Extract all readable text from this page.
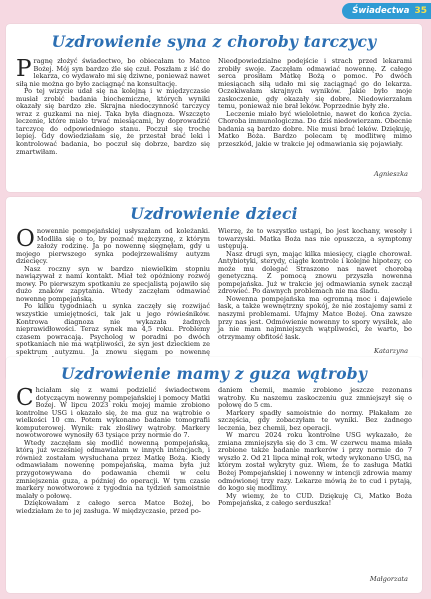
Świadectwa 35
Uzdrowienie syna z choroby tarczycy

Pragnę złożyć świadectwo, bo obiecałam to Matce Bożej. Mój syn bardzo źle się czuł. Poszłam z iść do lekarza, co wydawało mi się dziwne, ponieważ nawet siłą nie można go było zaciągnąć na konsultację.

Po tej wizycie udał się na kolejną i w międzyczasie musiał zrobić badania biochemiczne, których wyniki okazały się bardzo złe. Skrajna niedoczynność tarczycy wraz z guzkami na niej. Taka była diagnoza. Wszczęto leczenie, które miało trwać miesiącami, by doprowadzić tarczycę do odpowiedniego stanu. Poczuł się trochę lepiej. Gdy dowiedziałam się, że przestał brać leki i kontrolować badania, bo poczuł się dobrze, bardzo się zmartwiłam.

Nieodpowiedzialne podejście i strach przed lekarami zrobiły swoje. Zaczęłam odmawiać nowennę. Z całego serca prosiłam Matkę Bożą o pomoc. Po dwóch miesiącach siłą udało mi się zaciągnąć go do lekarza. Oczekiwałam skrajnych wyników. Jakie było moje zaskoczenie, gdy okazały się dobre. Niedowierzałam temu, ponieważ nie brał leków. Poprzednie były złe.

Leczenie miało być wieloletnie, nawet do końca życia. Choroba immunologiczna. Do dziś niedowierzam. Obecnie badania są bardzo dobre. Nie musi brać leków. Dziękuję, Matko Boża. Bardzo polecam tę modlitwę mimo przeszkód, jakie w trakcie jej odmawiania się pojawiały.

Agnieszka
Uzdrowienie dzieci

Onowennie pompejańskiej usłyszałam od koleżanki. Modliła się o to, by poznać mężczyznę, z którym założy rodzinę. Ja po nowennę sięgnęłam, gdy u mojego pierwszego synka podejrzewaliśmy autyzm dziecięcy.

Nasz roczny syn w bardzo niewielkim stopniu nawiązywał z nami kontakt. Miał też opóźniony rozwój mowy. Po pierwszym spotkaniu ze specjalistą pojawiło się dużo znaków zapytania. Wtedy zaczęłam odmawiać nowennę pompejańską.

Po kilku tygodniach u synka zaczęły się rozwijać wszystkie umiejętności, tak jak u jego rówieśników. Kontrowa diagnoza nie wykazała żadnych nieprawidłowości. Teraz synek ma 4,5 roku. Problemy czasem powracają. Psycholog w poradni po dwóch spotkaniach nie ma wątpliwości, że syn jest dzieckiem ze spektrum autyzmu. Ja znowu sięgam po nowennę

Wierzę, że to wszystko ustąpi, bo jest kochany, wesoły i towarzyski. Matka Boża nas nie opuszcza, a symptomy ustępują.

Nasz drugi syn, mając kilka miesięcy, ciągle chorował. Antybiotyki, sterydy, ciągłe kontrole i kolejne hipotezy, co może mu dolegać Straszono nas nawet chorobą genetyczną. Z pomocą znowu przyszła nowenna pompejańska. Już w trakcie jej odmawiania synek zaczął zdrowieć. Po dawnych problemach nie ma śladu.

Nowenna pompejańska ma ogromną moc i dajewiele łask, a także wewnętrzny spokój, że nie zostajemy sami z naszymi problemami. Ufajmy Matce Bożej. Ona zawsze przy nas jest. Odmówienie nowenny to spory wysiłek, ale ja nie mam najmniejszych wątpliwości, że warto, bo otrzymamy obfitość łask.

Katarzyna
Uzdrowienie mamy z guza wątroby

Chciałam się z wami podzielić świadectwem dotyczącym nowenny pompejańskiej i pomocy Matki Bożej. W lipcu 2023 roku mojej mamie zrobiono kontrolne USG i okazało się, że ma guz na wątrobie o wielkości 10 cm. Potem wykonano badanie tomografii komputerowej. Wynik: rak złośliwy wątroby. Markery nowotworowe wynosiły 63 tysiące przy normie do 7.

Wtedy zaczęłam się modlić nowenną pompejańską, którą już wcześniej odmawiałam w innych intencjach, i również zostałam wysłuchana przez Matkę Bożą. Kiedy odmawiałam nowennę pompejańską, mama była już przygotowywana do podawania chemii w celu zmniejszenia guza, a później do operacji. W tym czasie markery nowotworowe z tygodnia na tydzień samoistnie malały o połowę.

Dziękowałam z całego serca Matce Bożej, bo wiedziałam że to jej zasługa. W międzyczasie, przed po-

daniem chemii, mamie zrobiono jeszcze rezonans wątroby. Ku naszemu zaskoczeniu guz zmniejszył się o połowę do 5 cm.

Markery spadły samoistnie do normy. Płakałam ze szczęścia, gdy zobaczyłam te wyniki. Bez żadnego leczenia, bez chemii, bez operacji.

W marcu 2024 roku kontrolne USG wykazało, że zmiana zmniejszyła się do 3 cm. W czerwcu mama miała zrobione także badanie markerów i przy normie do 7 wyszło 2. Od 21 lipca minął rok, wtedy wykonano USG, na którym został wykryty guz. Wiem, że to zasługa Matki Bożej Pompejańskiej i nowenny w intencji zdrowia mamy odmówionej trzy razy. Lekarze mówią że to cud i pytają, do kogo się modlimy.

My wiemy, że to CUD. Dziękuję Ci, Matko Boża Pompejańska, z całego serduszka!

Małgorzata
